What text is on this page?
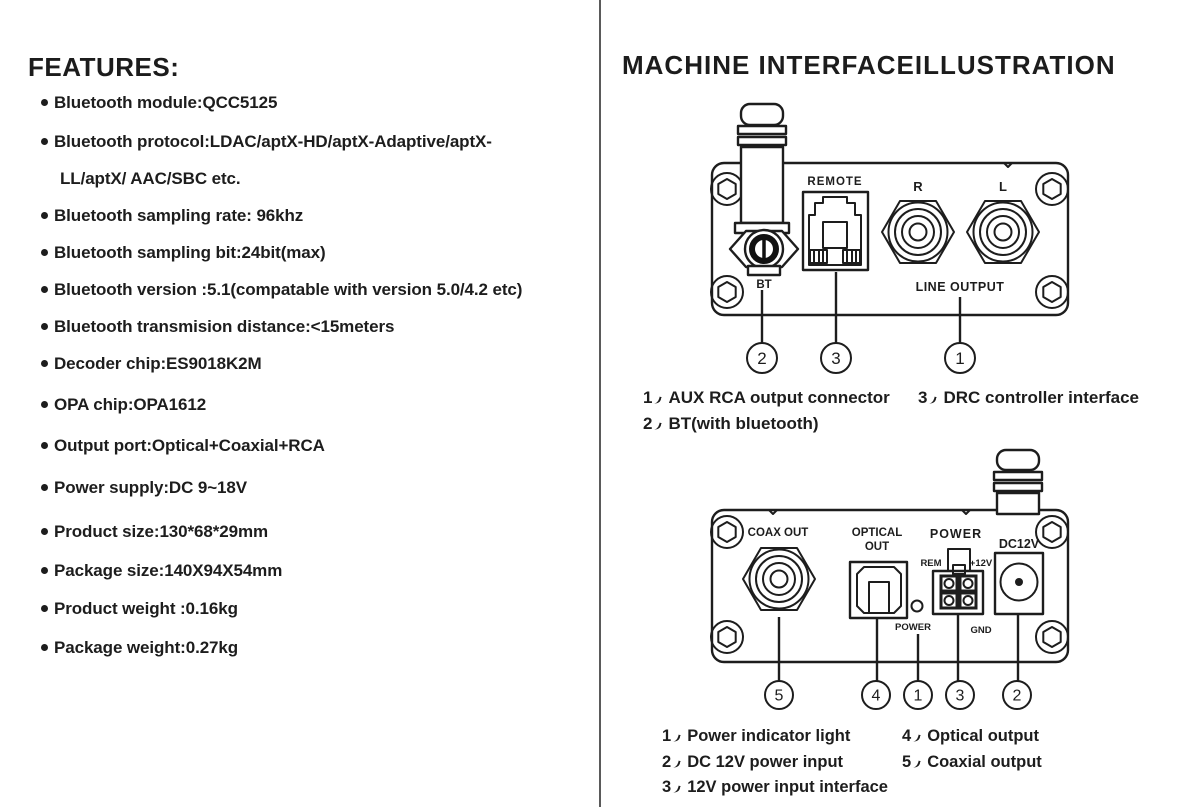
FEATURES:
Bluetooth module:QCC5125
Bluetooth protocol:LDAC/aptX-HD/aptX-Adaptive/aptX-
LL/aptX/ AAC/SBC etc.
Bluetooth sampling rate: 96khz
Bluetooth sampling bit:24bit(max)
Bluetooth version :5.1(compatable with version 5.0/4.2 etc)
Bluetooth transmision distance:<15meters
Decoder chip:ES9018K2M
OPA chip:OPA1612
Output port:Optical+Coaxial+RCA
Power supply:DC 9~18V
Product size:130*68*29mm
Package size:140X94X54mm
Product weight :0.16kg
Package weight:0.27kg
MACHINE INTERFACEILLUSTRATION
BT
REMOTE	R	L
LINE OUTPUT
2	3	1
1 AUX RCA output connector 3 DRC controller interface
2 BT(with bluetooth)
COAX OUT	OPTICAL
OUT
POWER
POWER
REM	+12V
GND
DC12V
5	4 1 3	2
1 Power indicator light	4 Optical output
2 DC 12V power input	5 Coaxial output
3 12V power input interface
